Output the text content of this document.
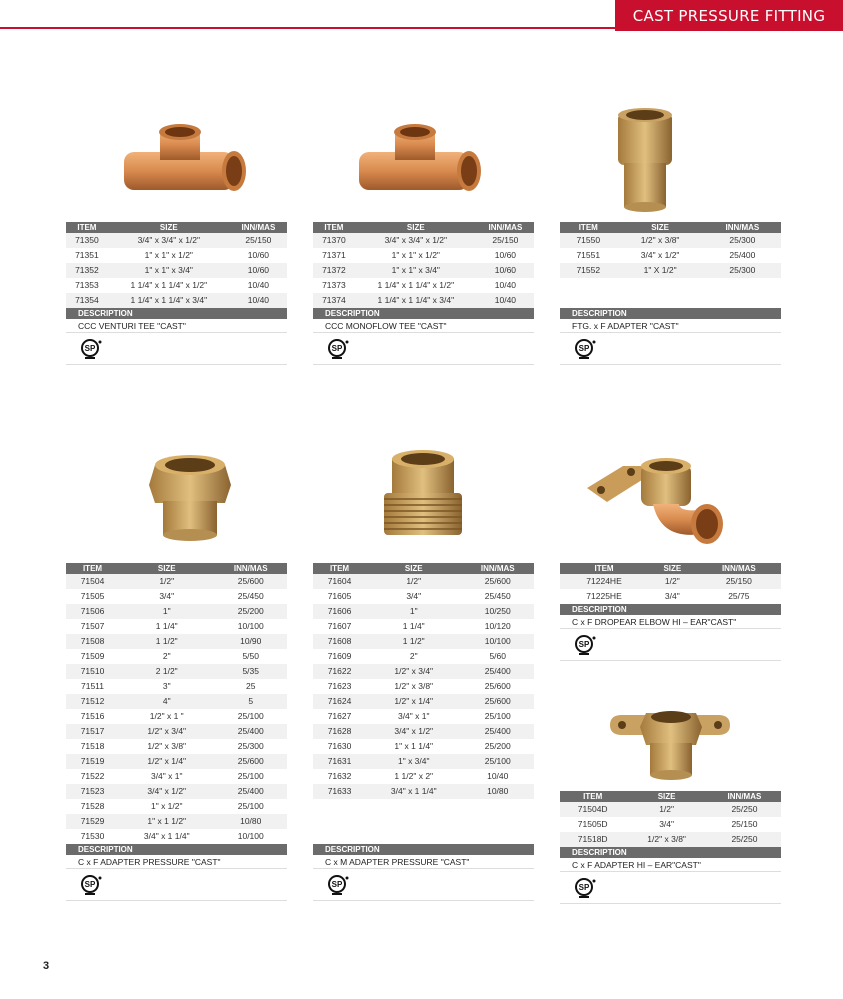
CAST PRESSURE FITTING
ITEM	SIZE	INN/MAS
71350	3/4" x 3/4" x 1/2"	25/150
71351	1" x 1" x 1/2"	10/60
71352	1" x 1" x 3/4"	10/60
71353	1 1/4" x 1 1/4" x 1/2"	10/40
71354	1 1/4" x 1 1/4" x 3/4"	10/40
DESCRIPTION
CCC VENTURI TEE "CAST"
SP
ITEM	SIZE	INN/MAS
71370	3/4" x 3/4" x 1/2"	25/150
71371	1" x 1" x 1/2"	10/60
71372	1" x 1" x 3/4"	10/60
71373	1 1/4" x 1 1/4" x 1/2"	10/40
71374	1 1/4" x 1 1/4" x 3/4"	10/40
DESCRIPTION
CCC MONOFLOW TEE "CAST"
SP
ITEM	SIZE	INN/MAS
71550	1/2" x 3/8"	25/300
71551	3/4" x 1/2"	25/400
71552	1" X 1/2"	25/300
DESCRIPTION
FTG. x F ADAPTER "CAST"
SP
ITEM	SIZE	INN/MAS
71504	1/2"	25/600
71505	3/4"	25/450
71506	1"	25/200
71507	1 1/4"	10/100
71508	1 1/2"	10/90
71509	2"	5/50
71510	2 1/2"	5/35
71511	3"	25
71512	4"	5
71516	1/2" x 1 "	25/100
71517	1/2" x 3/4"	25/400
71518	1/2" x 3/8"	25/300
71519	1/2" x 1/4"	25/600
71522	3/4" x 1"	25/100
71523	3/4" x 1/2"	25/400
71528	1" x 1/2"	25/100
71529	1" x 1 1/2"	10/80
71530	3/4" x 1 1/4"	10/100
DESCRIPTION
C x F ADAPTER PRESSURE "CAST"
SP
ITEM	SIZE	INN/MAS
71604	1/2"	25/600
71605	3/4"	25/450
71606	1"	10/250
71607	1 1/4"	10/120
71608	1 1/2"	10/100
71609	2"	5/60
71622	1/2" x 3/4"	25/400
71623	1/2" x 3/8"	25/600
71624	1/2" x 1/4"	25/600
71627	3/4" x 1"	25/100
71628	3/4" x 1/2"	25/400
71630	1" x 1 1/4"	25/200
71631	1" x 3/4"	25/100
71632	1 1/2" x 2"	10/40
71633	3/4" x 1 1/4"	10/80
DESCRIPTION
C x M ADAPTER PRESSURE "CAST"
SP
ITEM	SIZE	INN/MAS
71224HE	1/2"	25/150
71225HE	3/4"	25/75
DESCRIPTION
C x F DROPEAR ELBOW HI – EAR"CAST"
SP
ITEM	SIZE	INN/MAS
71504D	1/2"	25/250
71505D	3/4"	25/150
71518D	1/2" x 3/8"	25/250
DESCRIPTION
C x F ADAPTER HI – EAR"CAST"
SP
3
